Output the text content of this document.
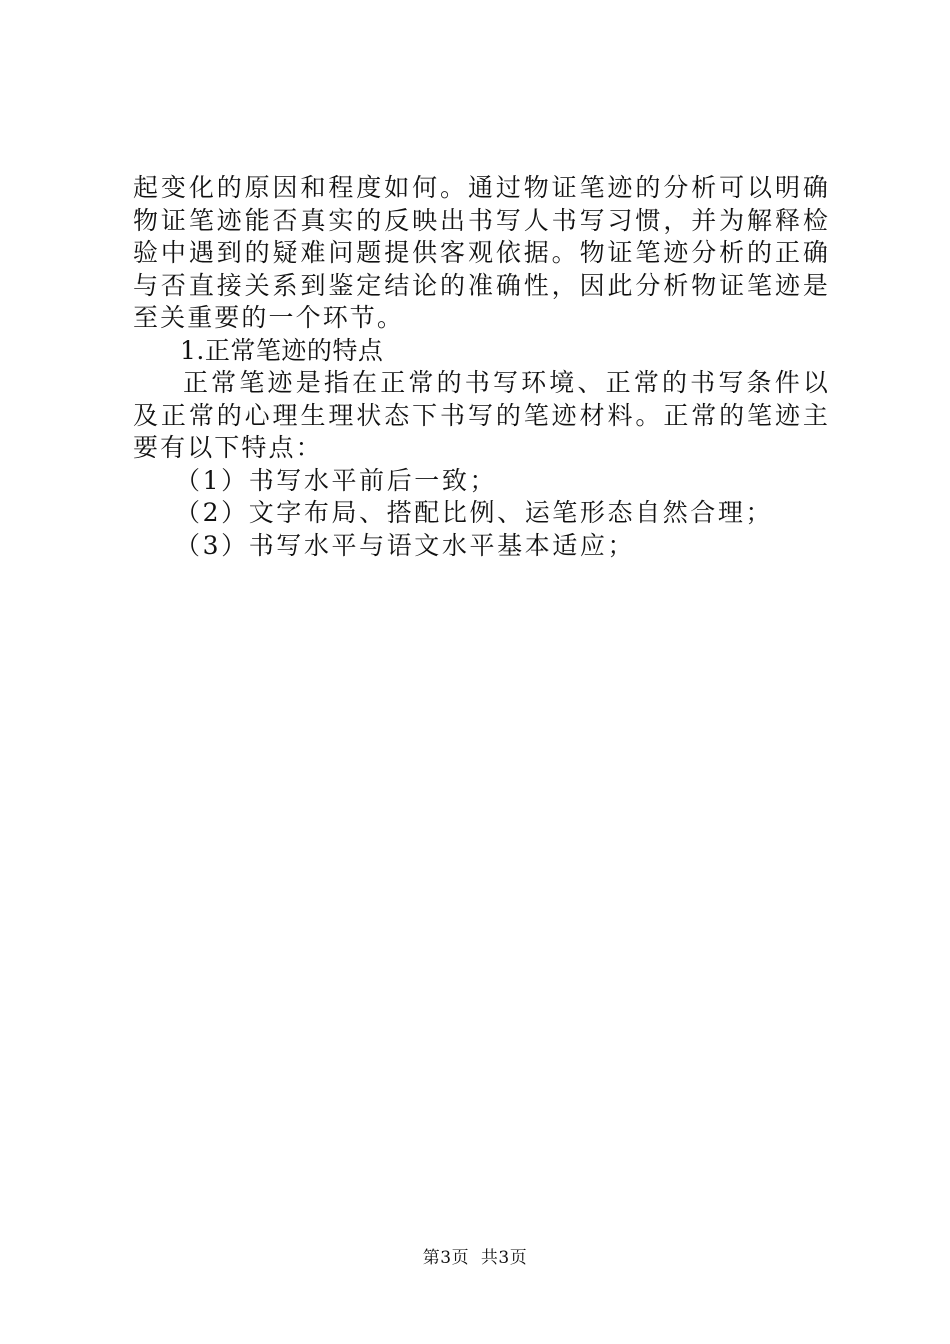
起变化的原因和程度如何。通过物证笔迹的分析可以明确物证笔迹能否真实的反映出书写人书写习惯，并为解释检验中遇到的疑难问题提供客观依据。物证笔迹分析的正确与否直接关系到鉴定结论的准确性，因此分析物证笔迹是至关重要的一个环节。

1.正常笔迹的特点

正常笔迹是指在正常的书写环境、正常的书写条件以及正常的心理生理状态下书写的笔迹材料。正常的笔迹主要有以下特点：

（1）书写水平前后一致；

（2）文字布局、搭配比例、运笔形态自然合理；

（3）书写水平与语文水平基本适应；

第3页 共3页
